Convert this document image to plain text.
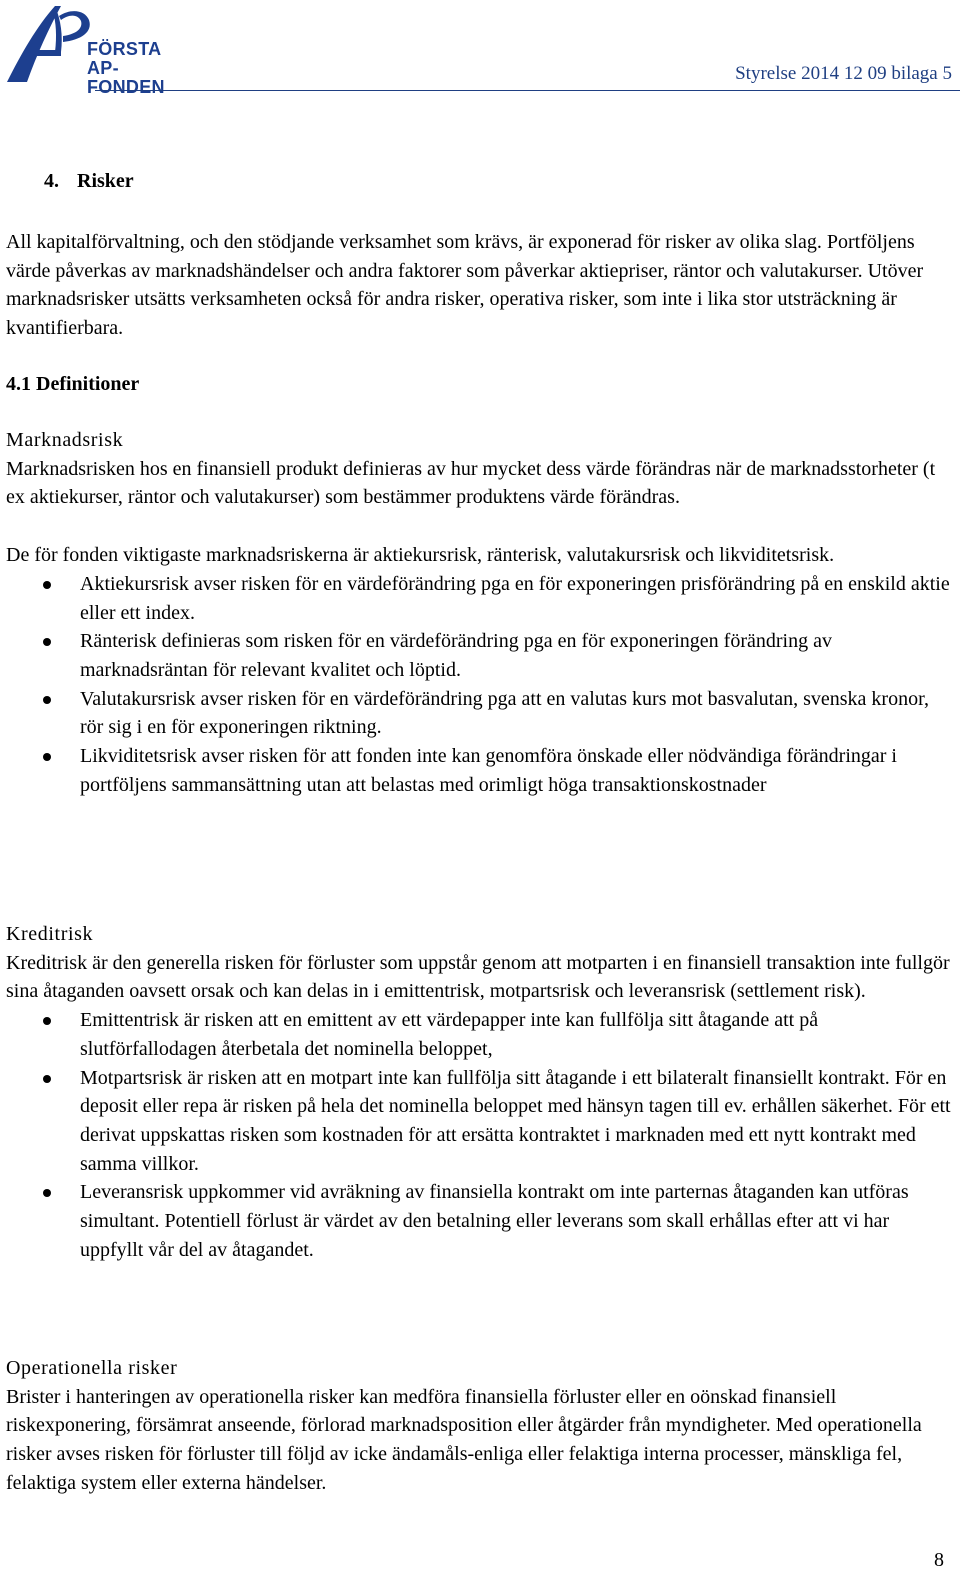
FÖRSTA
AP-FONDEN
Styrelse 2014 12 09 bilaga 5
4. Risker

All kapitalförvaltning, och den stödjande verksamhet som krävs, är exponerad för risker av olika slag. Portföljens värde påverkas av marknadshändelser och andra faktorer som påverkar aktiepriser, räntor och valutakurser. Utöver marknadsrisker utsätts verksamheten också för andra risker, operativa risker, som inte i lika stor utsträckning är kvantifierbara.

4.1 Definitioner

Marknadsrisk

Marknadsrisken hos en finansiell produkt definieras av hur mycket dess värde förändras när de marknadsstorheter (t ex aktiekurser, räntor och valutakurser) som bestämmer produktens värde förändras.

De för fonden viktigaste marknadsriskerna är aktiekursrisk, ränterisk, valutakursrisk och likviditetsrisk.

Aktiekursrisk avser risken för en värdeförändring pga en för exponeringen prisförändring på en enskild aktie eller ett index.
Ränterisk definieras som risken för en värdeförändring pga en för exponeringen förändring av marknadsräntan för relevant kvalitet och löptid.
Valutakursrisk avser risken för en värdeförändring pga att en valutas kurs mot basvalutan, svenska kronor, rör sig i en för exponeringen riktning.
Likviditetsrisk avser risken för att fonden inte kan genomföra önskade eller nödvändiga förändringar i portföljens sammansättning utan att belastas med orimligt höga transaktionskostnader

Kreditrisk

Kreditrisk är den generella risken för förluster som uppstår genom att motparten i en finansiell transaktion inte fullgör sina åtaganden oavsett orsak och kan delas in i emittentrisk, motpartsrisk och leveransrisk (settlement risk).

Emittentrisk är risken att en emittent av ett värdepapper inte kan fullfölja sitt åtagande att på slutförfallodagen återbetala det nominella beloppet,
Motpartsrisk är risken att en motpart inte kan fullfölja sitt åtagande i ett bilateralt finansiellt kontrakt. För en deposit eller repa är risken på hela det nominella beloppet med hänsyn tagen till ev. erhållen säkerhet. För ett derivat uppskattas risken som kostnaden för att ersätta kontraktet i marknaden med ett nytt kontrakt med samma villkor.
Leveransrisk uppkommer vid avräkning av finansiella kontrakt om inte parternas åtaganden kan utföras simultant. Potentiell förlust är värdet av den betalning eller leverans som skall erhållas efter att vi har uppfyllt vår del av åtagandet.

Operationella risker

Brister i hanteringen av operationella risker kan medföra finansiella förluster eller en oönskad finansiell riskexponering, försämrat anseende, förlorad marknadsposition eller åtgärder från myndigheter. Med operationella risker avses risken för förluster till följd av icke ändamåls-enliga eller felaktiga interna processer, mänskliga fel, felaktiga system eller externa händelser.

8
